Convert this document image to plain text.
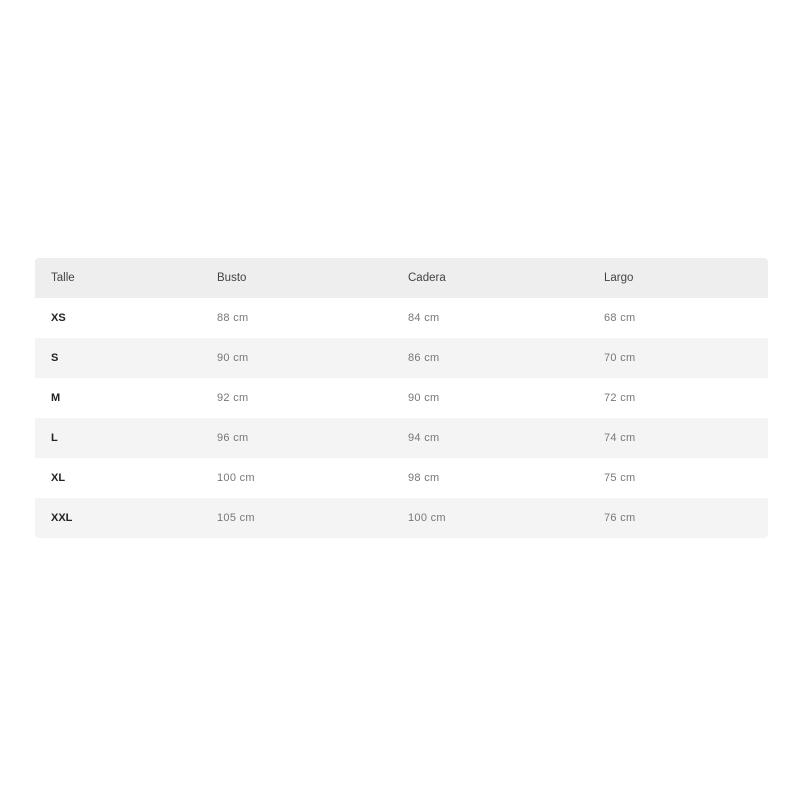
Talle	Busto	Cadera	Largo
XS	88 cm	84 cm	68 cm
S	90 cm	86 cm	70 cm
M	92 cm	90 cm	72 cm
L	96 cm	94 cm	74 cm
XL	100 cm	98 cm	75 cm
XXL	105 cm	100 cm	76 cm
